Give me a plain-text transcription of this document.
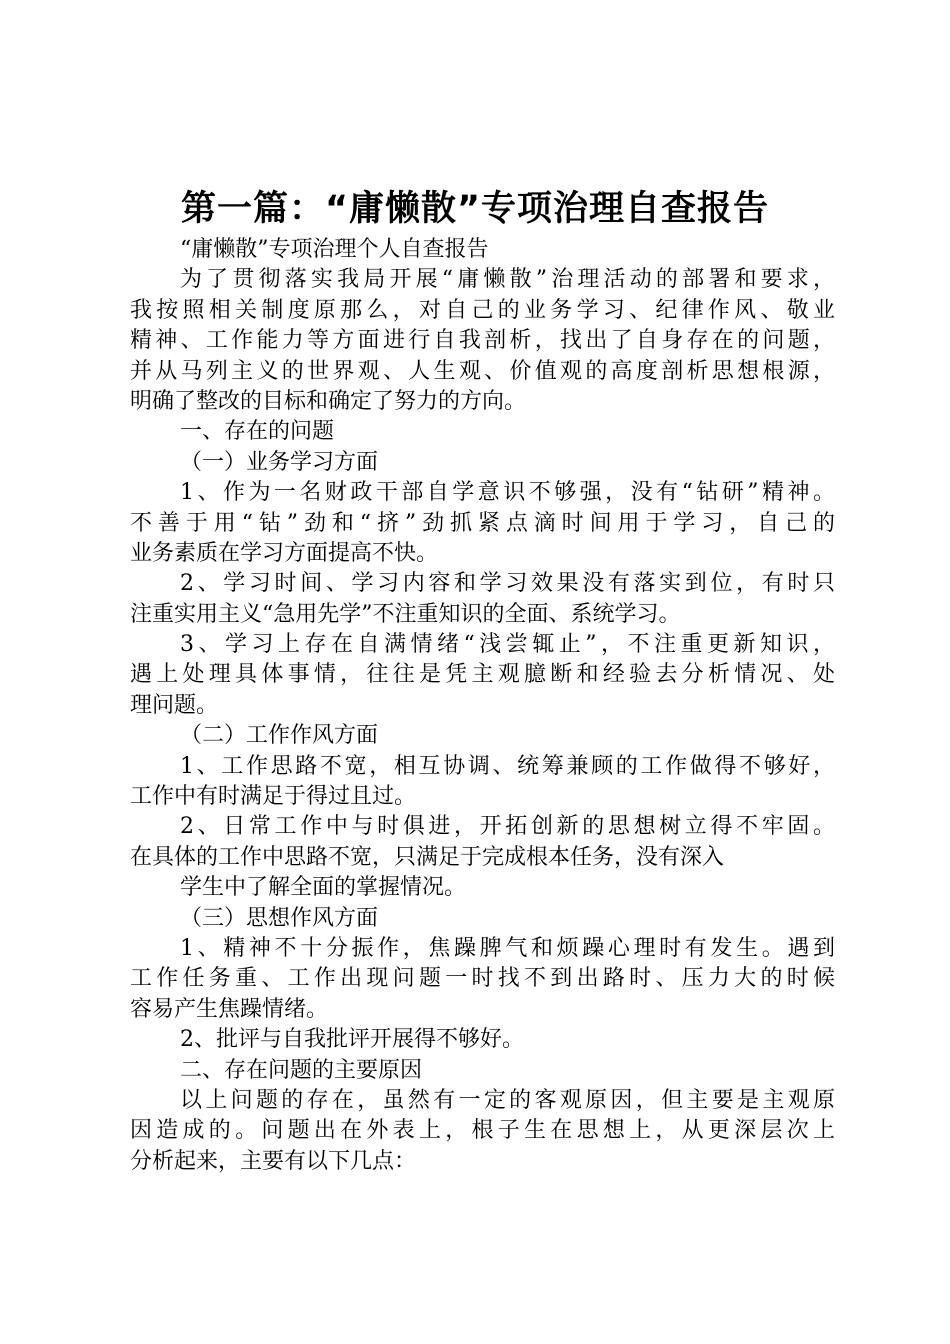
第一篇：“庸懒散”专项治理自查报告
“庸懒散”专项治理个人自查报告
为了贯彻落实我局开展“庸懒散”治理活动的部署和要求，
我按照相关制度原那么，对自己的业务学习、纪律作风、敬业
精神、工作能力等方面进行自我剖析，找出了自身存在的问题，
并从马列主义的世界观、人生观、价值观的高度剖析思想根源，
明确了整改的目标和确定了努力的方向。
一、存在的问题
（一）业务学习方面
1、作为一名财政干部自学意识不够强，没有“钻研”精神。
不善于用“钻”劲和“挤”劲抓紧点滴时间用于学习，自己的
业务素质在学习方面提高不快。
2、学习时间、学习内容和学习效果没有落实到位，有时只
注重实用主义“急用先学”不注重知识的全面、系统学习。
3、学习上存在自满情绪“浅尝辄止”，不注重更新知识，
遇上处理具体事情，往往是凭主观臆断和经验去分析情况、处
理问题。
（二）工作作风方面
1、工作思路不宽，相互协调、统筹兼顾的工作做得不够好，
工作中有时满足于得过且过。
2、日常工作中与时俱进，开拓创新的思想树立得不牢固。
在具体的工作中思路不宽，只满足于完成根本任务，没有深入
学生中了解全面的掌握情况。
（三）思想作风方面
1、精神不十分振作，焦躁脾气和烦躁心理时有发生。遇到
工作任务重、工作出现问题一时找不到出路时、压力大的时候
容易产生焦躁情绪。
2、批评与自我批评开展得不够好。
二、存在问题的主要原因
以上问题的存在，虽然有一定的客观原因，但主要是主观原
因造成的。问题出在外表上，根子生在思想上，从更深层次上
分析起来，主要有以下几点：
